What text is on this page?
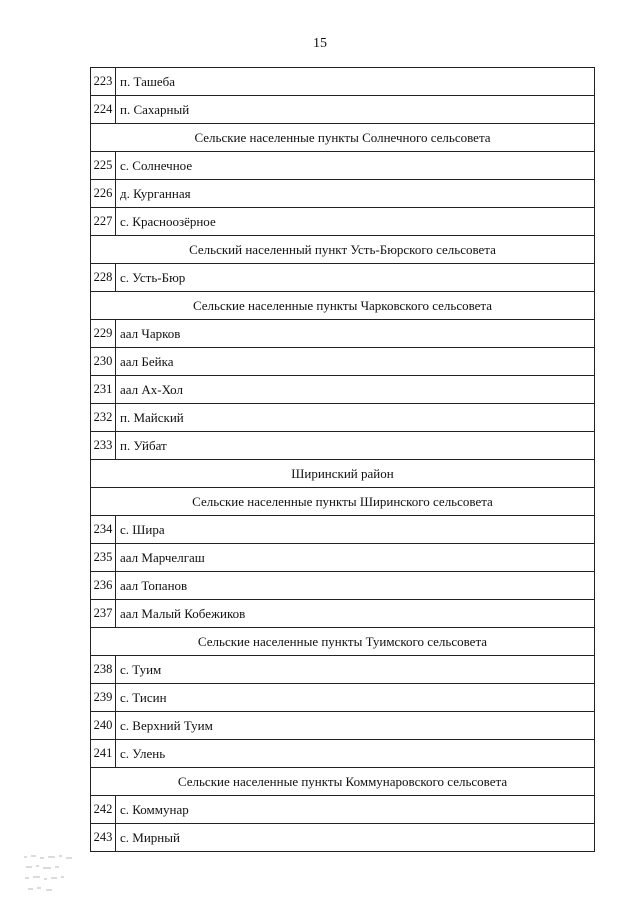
15
223	п. Ташеба
224	п. Сахарный
Сельские населенные пункты Солнечного сельсовета	
225	с. Солнечное
226	д. Курганная
227	с. Красноозёрное
Сельский населенный пункт Усть-Бюрского сельсовета	
228	с. Усть-Бюр
Сельские населенные пункты Чарковского сельсовета	
229	аал Чарков
230	аал Бейка
231	аал Ах-Хол
232	п. Майский
233	п. Уйбат
Ширинский район	
Сельские населенные пункты Ширинского сельсовета	
234	с. Шира
235	аал Марчелгаш
236	аал Топанов
237	аал Малый Кобежиков
Сельские населенные пункты Туимского сельсовета	
238	с. Туим
239	с. Тисин
240	с. Верхний Туим
241	с. Улень
Сельские населенные пункты Коммунаровского сельсовета	
242	с. Коммунар
243	с. Мирный
